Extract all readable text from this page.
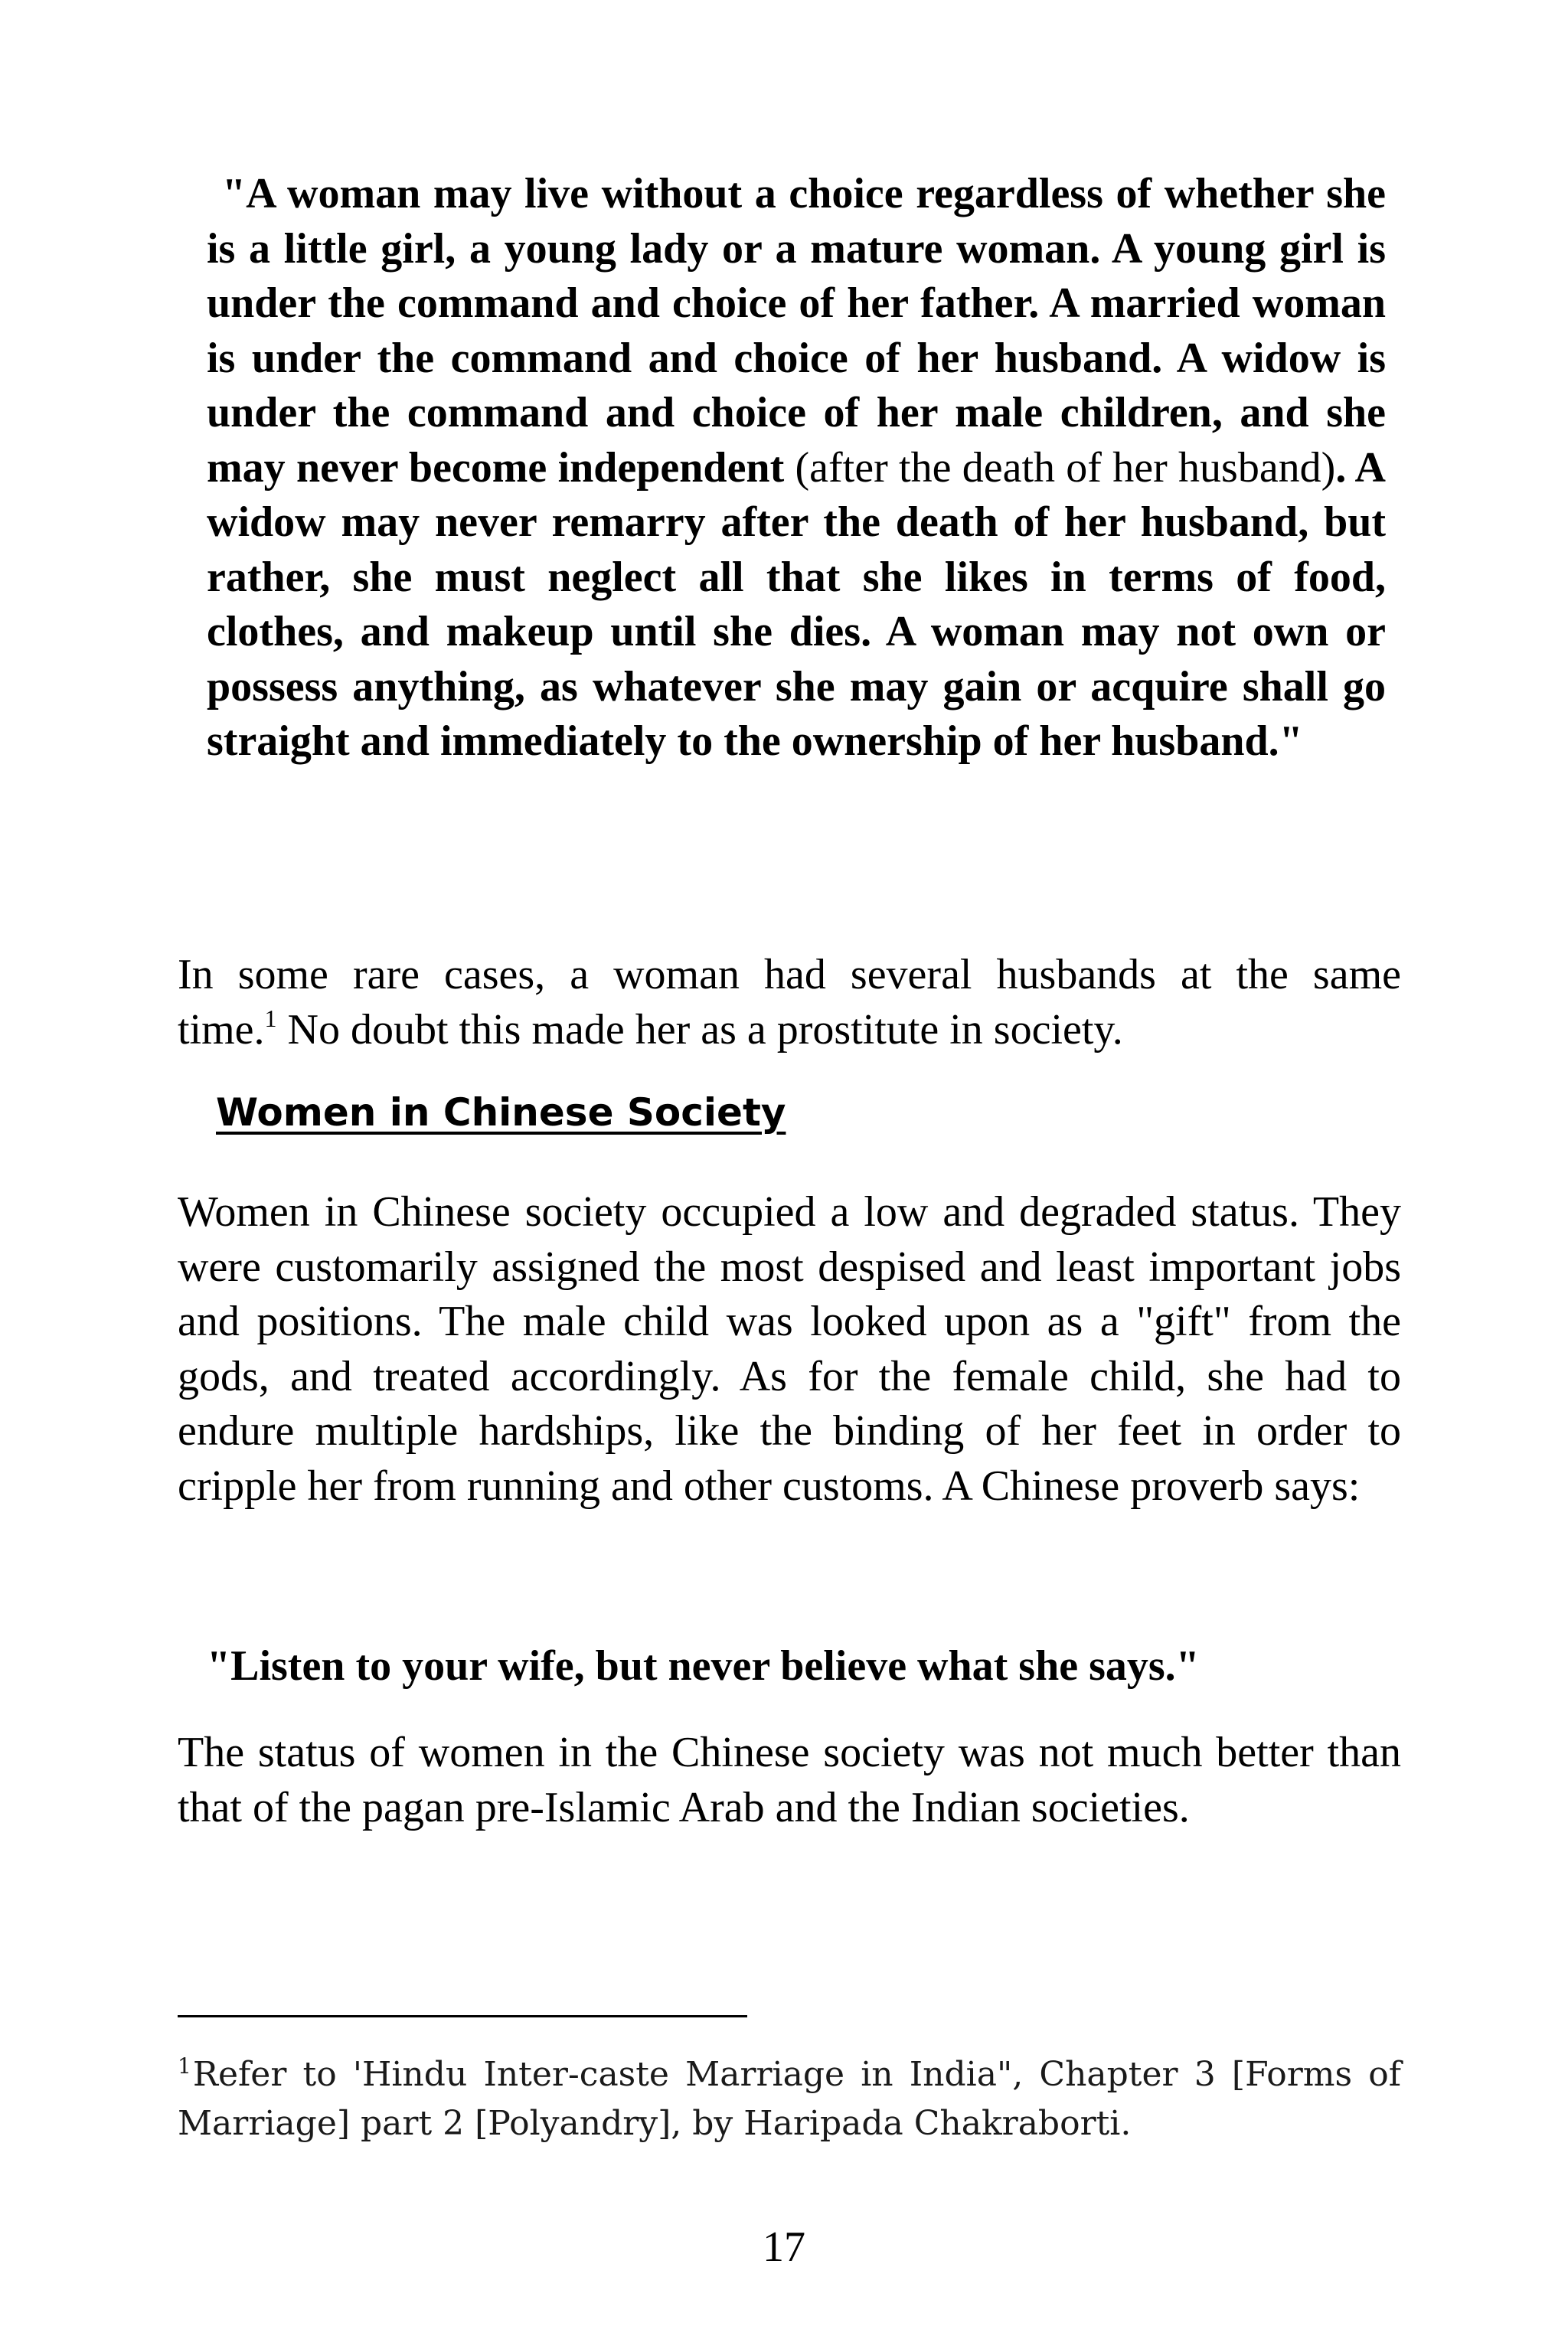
"A woman may live without a choice regardless of whether she is a little girl, a young lady or a mature woman. A young girl is under the command and choice of her father. A married woman is under the command and choice of her husband. A widow is under the command and choice of her male children, and she may never become independent (after the death of her husband). A widow may never remarry after the death of her husband, but rather, she must neglect all that she likes in terms of food, clothes, and makeup until she dies. A woman may not own or possess anything, as whatever she may gain or acquire shall go straight and immediately to the ownership of her husband."
In some rare cases, a woman had several husbands at the same time.$^1$ No doubt this made her as a prostitute in society.
Women in Chinese Society
Women in Chinese society occupied a low and degraded status. They were customarily assigned the most despised and least important jobs and positions. The male child was looked upon as a "gift" from the gods, and treated accordingly. As for the female child, she had to endure multiple hardships, like the binding of her feet in order to cripple her from running and other customs. A Chinese proverb says:
"Listen to your wife, but never believe what she says."
The status of women in the Chinese society was not much better than that of the pagan pre-Islamic Arab and the Indian societies.
$^1$Refer to 'Hindu Inter-caste Marriage in India", Chapter 3 [Forms of Marriage] part 2 [Polyandry], by Haripada Chakraborti.
17
